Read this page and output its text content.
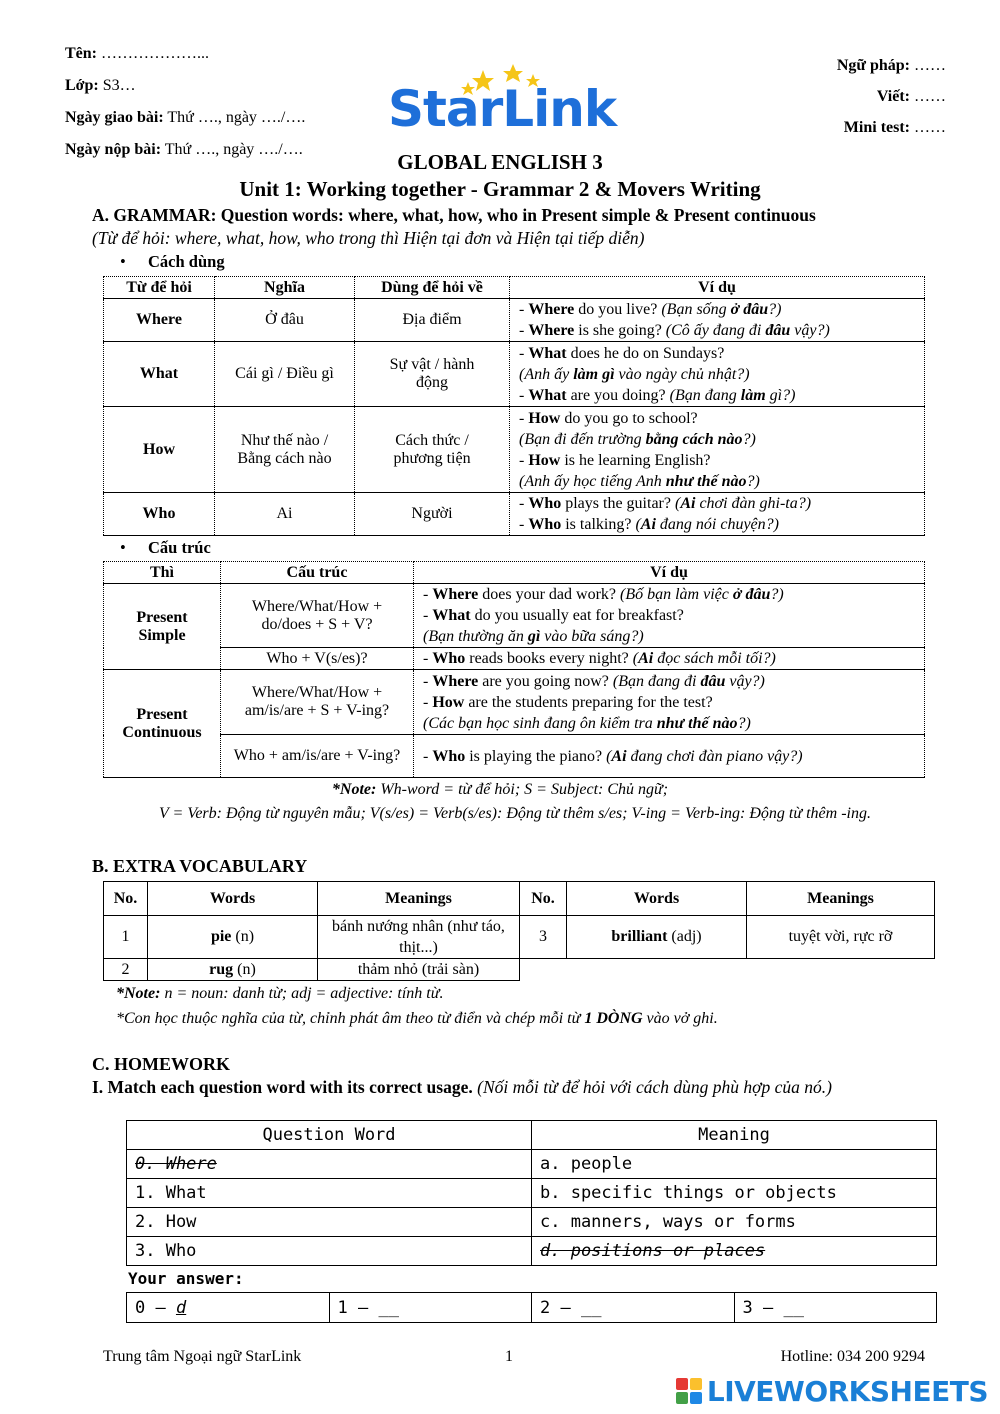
Tên: ………………...
Lớp: S3…
Ngày giao bài: Thứ …., ngày …./….
Ngày nộp bài: Thứ …., ngày …./….
StarLink
Ngữ pháp: ……
Viết: ……
Mini test: ……
GLOBAL ENGLISH 3
Unit 1: Working together - Grammar 2 & Movers Writing
A. GRAMMAR: Question words: where, what, how, who in Present simple & Present continuous
(Từ để hỏi: where, what, how, who trong thì Hiện tại đơn và Hiện tại tiếp diễn)
• Cách dùng
Từ để hỏi	Nghĩa	Dùng để hỏi về	Ví dụ
Where	Ở đâu	Địa điểm	- Where do you live? (Bạn sống ở đâu?)
- Where is she going? (Cô ấy đang đi đâu vậy?)

What	Cái gì / Điều gì	Sự vật / hành động	- What does he do on Sundays?
(Anh ấy làm gì vào ngày chủ nhật?)
- What are you doing? (Bạn đang làm gì?)

How	Như thế nào / Bằng cách nào	Cách thức / phương tiện	- How do you go to school?
(Bạn đi đến trường bằng cách nào?)
- How is he learning English?
(Anh ấy học tiếng Anh như thế nào?)

Who	Ai	Người	- Who plays the guitar? (Ai chơi đàn ghi-ta?)
- Who is talking? (Ai đang nói chuyện?)
• Cấu trúc
Thì	Cấu trúc	Ví dụ
Present Simple	Where/What/How + do/does + S + V?	- Where does your dad work? (Bố bạn làm việc ở đâu?)
- What do you usually eat for breakfast?
(Bạn thường ăn gì vào bữa sáng?)

	Who + V(s/es)?	- Who reads books every night? (Ai đọc sách mỗi tối?)

Present Continuous	Where/What/How + am/is/are + S + V-ing?	- Where are you going now? (Bạn đang đi đâu vậy?)
- How are the students preparing for the test?
(Các bạn học sinh đang ôn kiểm tra như thế nào?)

	Who + am/is/are + V-ing?	- Who is playing the piano? (Ai đang chơi đàn piano vậy?)
*Note: Wh-word = từ để hỏi; S = Subject: Chủ ngữ;
V = Verb: Động từ nguyên mẫu; V(s/es) = Verb(s/es): Động từ thêm s/es; V-ing = Verb-ing: Động từ thêm -ing.
B. EXTRA VOCABULARY
No.	Words	Meanings	No.	Words	Meanings
1	pie (n)	bánh nướng nhân (như táo, thịt...)	3	brilliant (adj)	tuyệt vời, rực rỡ
2	rug (n)	thảm nhỏ (trải sàn)			
*Note: n = noun: danh từ; adj = adjective: tính từ.
*Con học thuộc nghĩa của từ, chỉnh phát âm theo từ điển và chép mỗi từ 1 DÒNG vào vở ghi.
C. HOMEWORK
I. Match each question word with its correct usage. (Nối mỗi từ để hỏi với cách dùng phù hợp của nó.)
Question Word	Meaning
0. Where	a. people
1. What	b. specific things or objects
2. How	c. manners, ways or forms
3. Who	d. positions or places
Your answer:
0 – d	1 – __	2 – __	3 – __
Trung tâm Ngoại ngữ StarLink	1	Hotline: 034 200 9294
LIVEWORKSHEETS
